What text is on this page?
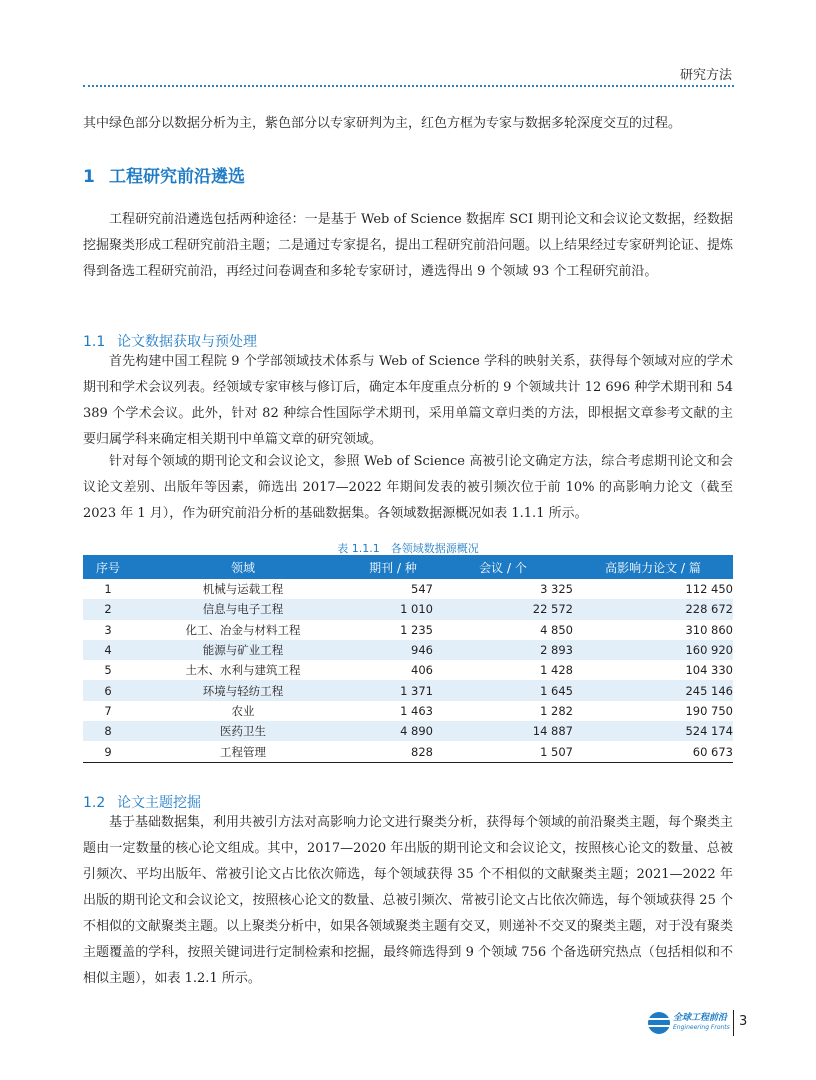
研究方法

其中绿色部分以数据分析为主，紫色部分以专家研判为主，红色方框为专家与数据多轮深度交互的过程。

1 工程研究前沿遴选

工程研究前沿遴选包括两种途径：一是基于 Web of Science 数据库 SCI 期刊论文和会议论文数据，经数据挖掘聚类形成工程研究前沿主题；二是通过专家提名，提出工程研究前沿问题。以上结果经过专家研判论证、提炼得到备选工程研究前沿，再经过问卷调查和多轮专家研讨，遴选得出 9 个领域 93 个工程研究前沿。

1.1 论文数据获取与预处理

首先构建中国工程院 9 个学部领域技术体系与 Web of Science 学科的映射关系，获得每个领域对应的学术期刊和学术会议列表。经领域专家审核与修订后，确定本年度重点分析的 9 个领域共计 12 696 种学术期刊和 54 389 个学术会议。此外，针对 82 种综合性国际学术期刊，采用单篇文章归类的方法，即根据文章参考文献的主要归属学科来确定相关期刊中单篇文章的研究领域。

针对每个领域的期刊论文和会议论文，参照 Web of Science 高被引论文确定方法，综合考虑期刊论文和会议论文差别、出版年等因素，筛选出 2017—2022 年期间发表的被引频次位于前 10% 的高影响力论文（截至 2023 年 1 月），作为研究前沿分析的基础数据集。各领域数据源概况如表 1.1.1 所示。

表 1.1.1　各领域数据源概况
序号	领域	期刊 / 种	会议 / 个	高影响力论文 / 篇
1	机械与运载工程	547	3 325	112 450
2	信息与电子工程	1 010	22 572	228 672
3	化工、冶金与材料工程	1 235	4 850	310 860
4	能源与矿业工程	946	2 893	160 920
5	土木、水利与建筑工程	406	1 428	104 330
6	环境与轻纺工程	1 371	1 645	245 146
7	农业	1 463	1 282	190 750
8	医药卫生	4 890	14 887	524 174
9	工程管理	828	1 507	60 673
1.2 论文主题挖掘

基于基础数据集，利用共被引方法对高影响力论文进行聚类分析，获得每个领域的前沿聚类主题，每个聚类主题由一定数量的核心论文组成。其中，2017—2020 年出版的期刊论文和会议论文，按照核心论文的数量、总被引频次、平均出版年、常被引论文占比依次筛选，每个领域获得 35 个不相似的文献聚类主题；2021—2022 年出版的期刊论文和会议论文，按照核心论文的数量、总被引频次、常被引论文占比依次筛选，每个领域获得 25 个不相似的文献聚类主题。以上聚类分析中，如果各领域聚类主题有交叉，则递补不交叉的聚类主题，对于没有聚类主题覆盖的学科，按照关键词进行定制检索和挖掘，最终筛选得到 9 个领域 756 个备选研究热点（包括相似和不相似主题），如表 1.2.1 所示。

全球工程前沿
Engineering Fronts 3
